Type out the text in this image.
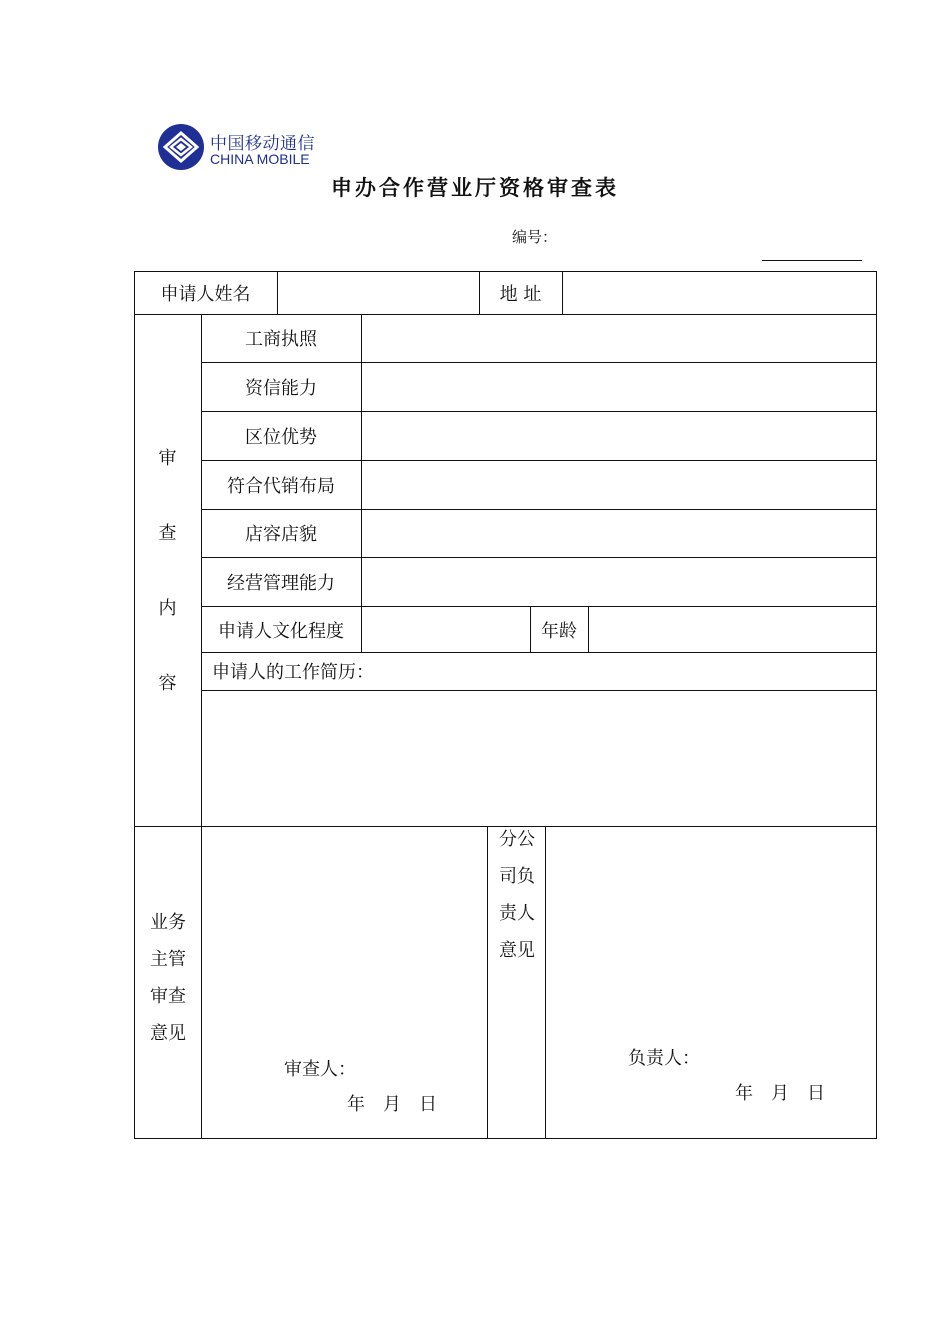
中国移动通信
CHINA MOBILE
申办合作营业厅资格审查表
编号：
申请人姓名	地 址
审
查
内
容
工商执照
资信能力
区位优势
符合代销布局
店容店貌
经营管理能力
申请人文化程度	年龄
申请人的工作简历：
业务
主管
审查
意见
审查人：
年　月　日
分公
司负
责人
意见
负责人：
年　月　日
